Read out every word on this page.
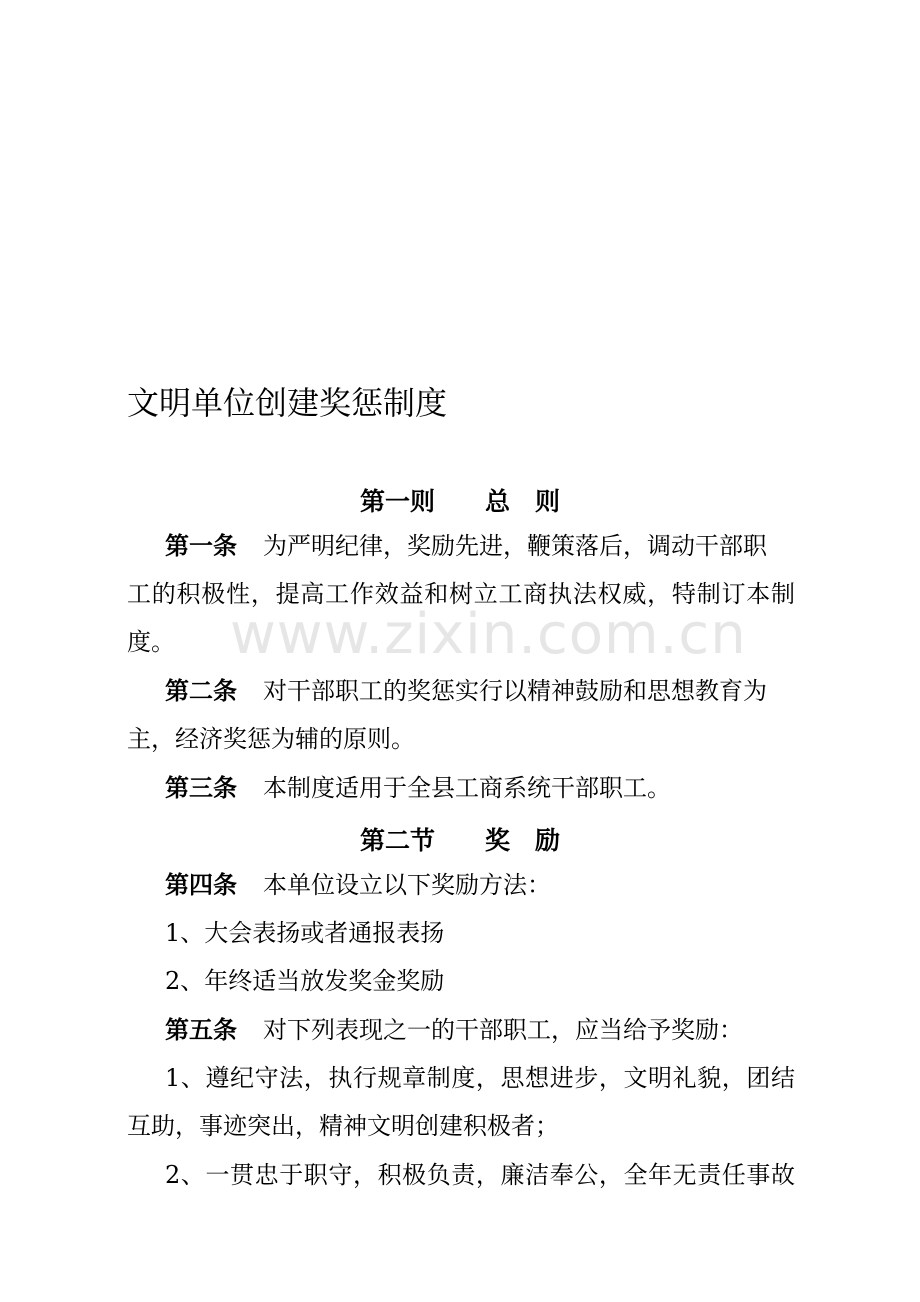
www.zixin.com.cn
文明单位创建奖惩制度
第一则　　总　则
第一条 为严明纪律，奖励先进，鞭策落后，调动干部职
工的积极性，提高工作效益和树立工商执法权威，特制订本制
度。
第二条 对干部职工的奖惩实行以精神鼓励和思想教育为
主，经济奖惩为辅的原则。
第三条 本制度适用于全县工商系统干部职工。
第二节　　奖　励
第四条 本单位设立以下奖励方法：
1、大会表扬或者通报表扬
2、年终适当放发奖金奖励
第五条 对下列表现之一的干部职工，应当给予奖励：
1、遵纪守法，执行规章制度，思想进步，文明礼貌，团结
互助，事迹突出，精神文明创建积极者；
2、一贯忠于职守，积极负责，廉洁奉公，全年无责任事故
